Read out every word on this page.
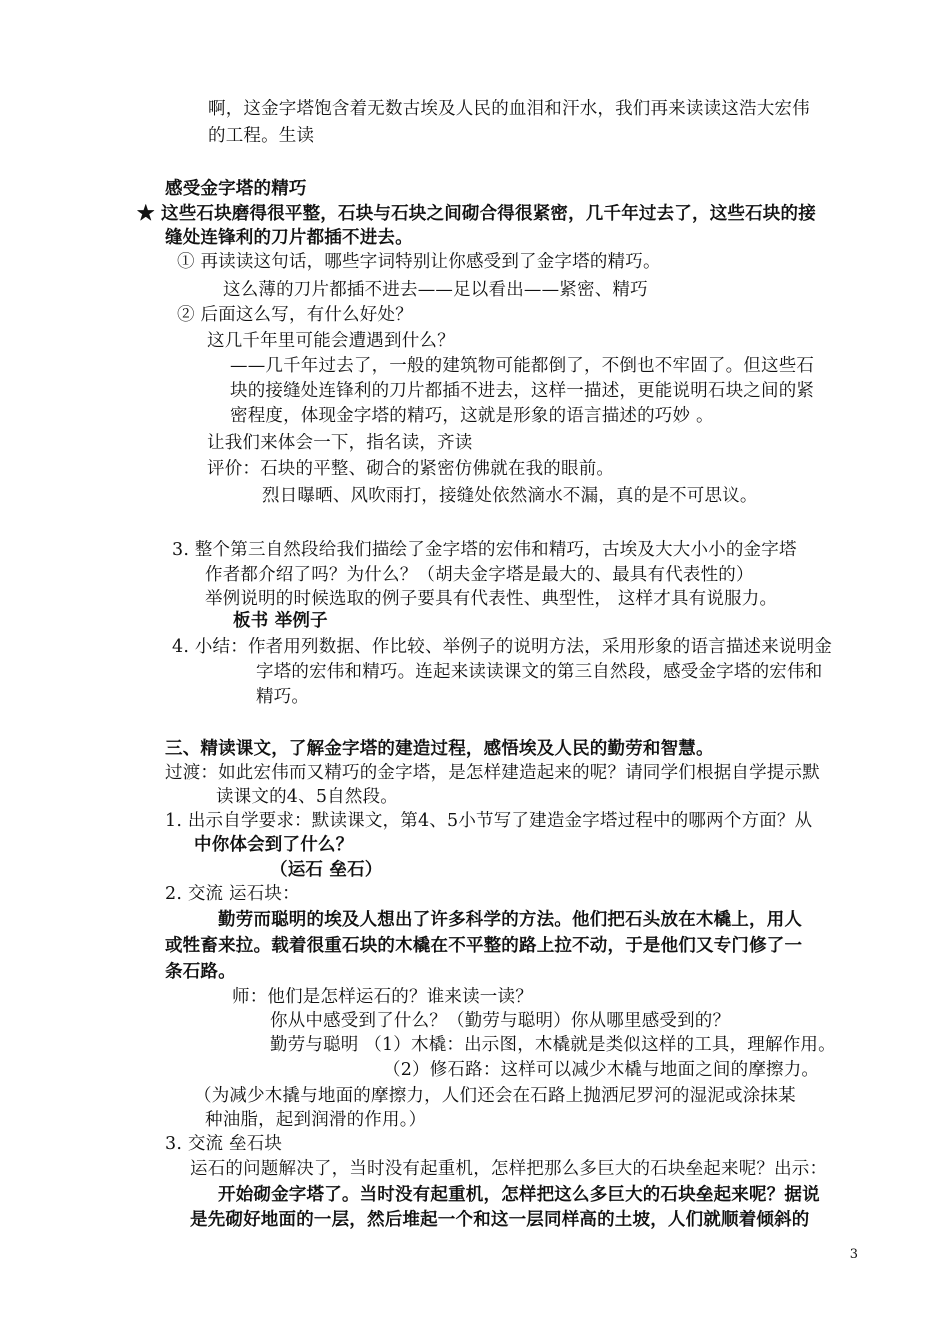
啊，这金字塔饱含着无数古埃及人民的血泪和汗水，我们再来读读这浩大宏伟
的工程。生读
感受金字塔的精巧
★ 这些石块磨得很平整，石块与石块之间砌合得很紧密，几千年过去了，这些石块的接
缝处连锋利的刀片都插不进去。
① 再读读这句话，哪些字词特别让你感受到了金字塔的精巧。
这么薄的刀片都插不进去——足以看出——紧密、精巧
② 后面这么写，有什么好处？
这几千年里可能会遭遇到什么？
——几千年过去了，一般的建筑物可能都倒了，不倒也不牢固了。但这些石
块的接缝处连锋利的刀片都插不进去，这样一描述，更能说明石块之间的紧
密程度，体现金字塔的精巧，这就是形象的语言描述的巧妙 。
让我们来体会一下，指名读，齐读
评价：石块的平整、砌合的紧密仿佛就在我的眼前。
烈日曝晒、风吹雨打，接缝处依然滴水不漏，真的是不可思议。
3. 整个第三自然段给我们描绘了金字塔的宏伟和精巧，古埃及大大小小的金字塔
作者都介绍了吗？为什么？（胡夫金字塔是最大的、最具有代表性的）
举例说明的时候选取的例子要具有代表性、典型性， 这样才具有说服力。
板书 举例子
4. 小结：作者用列数据、作比较、举例子的说明方法，采用形象的语言描述来说明金
字塔的宏伟和精巧。连起来读读课文的第三自然段，感受金字塔的宏伟和
精巧。
三、精读课文，了解金字塔的建造过程，感悟埃及人民的勤劳和智慧。
过渡：如此宏伟而又精巧的金字塔，是怎样建造起来的呢？请同学们根据自学提示默
读课文的4、5自然段。
1. 出示自学要求：默读课文，第4、5小节写了建造金字塔过程中的哪两个方面？从
中你体会到了什么？
（运石 垒石）
2. 交流 运石块：
勤劳而聪明的埃及人想出了许多科学的方法。他们把石头放在木橇上，用人
或牲畜来拉。载着很重石块的木橇在不平整的路上拉不动，于是他们又专门修了一
条石路。
师：他们是怎样运石的？谁来读一读？
你从中感受到了什么？（勤劳与聪明）你从哪里感受到的？
勤劳与聪明 （1）木橇：出示图，木橇就是类似这样的工具，理解作用。
（2）修石路：这样可以减少木橇与地面之间的摩擦力。
（为减少木撬与地面的摩擦力，人们还会在石路上抛洒尼罗河的湿泥或涂抹某
种油脂，起到润滑的作用。）
3. 交流 垒石块
运石的问题解决了，当时没有起重机，怎样把那么多巨大的石块垒起来呢？出示：
开始砌金字塔了。当时没有起重机，怎样把这么多巨大的石块垒起来呢？据说
是先砌好地面的一层，然后堆起一个和这一层同样高的土坡，人们就顺着倾斜的
3
